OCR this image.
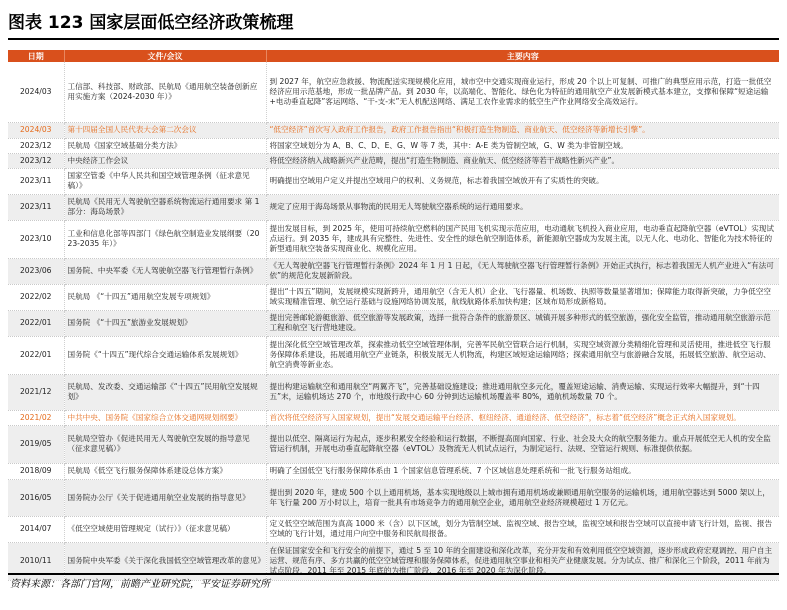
图表 123 国家层面低空经济政策梳理
日期	文件/会议	主要内容
2024/03	工信部、科技部、财政部、民航局《通用航空装备创新应用实施方案（2024-2030 年）》	到 2027 年，航空应急救援、物流配送实现规模化应用，城市空中交通实现商业运行，形成 20 个以上可复制、可推广的典型应用示范，打造一批低空经济应用示范基地，形成一批品牌产品。到 2030 年，以高端化、智能化、绿色化为特征的通用航空产业发展新模式基本建立，支撑和保障“短途运输+电动垂直起降”客运网络、“干-支-末”无人机配送网络、满足工农作业需求的低空生产作业网络安全高效运行。
2024/03	第十四届全国人民代表大会第二次会议	“低空经济”首次写入政府工作报告，政府工作报告指出“积极打造生物制造、商业航天、低空经济等新增长引擎”。
2023/12	民航局《国家空域基础分类方法》	将国家空域划分为 A、B、C、D、E、G、W 等 7 类，其中：A-E 类为管制空域，G、W 类为非管制空域。
2023/12	中央经济工作会议	将低空经济纳入战略新兴产业范畴，提出“打造生物制造、商业航天、低空经济等若干战略性新兴产业”。
2023/11	国家空管委《中华人民共和国空域管理条例（征求意见稿）》	明确提出空域用户定义并提出空域用户的权利、义务规范，标志着我国空域放开有了实质性的突破。
2023/11	民航局《民用无人驾驶航空器系统物流运行通用要求 第 1 部分：海岛场景》	规定了应用于海岛场景从事物流的民用无人驾驶航空器系统的运行通用要求。
2023/10	工业和信息化部等四部门《绿色航空制造业发展纲要（2023-2035 年）》	提出发展目标，到 2025 年，使用可持续航空燃料的国产民用飞机实现示范应用，电动通航飞机投入商业应用，电动垂直起降航空器（eVTOL）实现试点运行。到 2035 年，建成具有完整性、先进性、安全性的绿色航空制造体系，新能源航空器成为发展主流，以无人化、电动化、智能化为技术特征的新型通用航空装备实现商业化、规模化应用。
2023/06	国务院、中央军委《无人驾驶航空器飞行管理暂行条例》	《无人驾驶航空器飞行管理暂行条例》2024 年 1 月 1 日起，《无人驾驶航空器飞行管理暂行条例》开始正式执行，标志着我国无人机产业进入“有法可依”的规范化发展新阶段。
2022/02	民航局 《“十四五”通用航空发展专项规划》	提出“十四五”期间，发展规模实现新跨升，通用航空（含无人机）企业、飞行器量、机场数、执照等数量显著增加；保障能力取得新突破，力争低空空域实现精准管理、航空运行基础与设施网络协调发展，航线航路体系加快构建；区域布局形成新格局。
2022/01	国务院 《“十四五”旅游业发展规划》	提出完善邮轮游艇旅游、低空旅游等发展政策，选择一批符合条件的旅游景区、城镇开展多种形式的低空旅游，强化安全监管，推动通用航空旅游示范工程和航空飞行营地建设。
2022/01	国务院《“十四五”现代综合交通运输体系发展规划》	提出深化低空空域管理改革，探索推动低空空域管理体制，完善军民航空管联合运行机制，实现空域资源分类精细化管理和灵活使用，推进低空飞行服务保障体系建设，拓展通用航空产业链条，积极发展无人机物流，构建区域短途运输网络；探索通用航空与旅游融合发展，拓展低空旅游、航空运动、航空消费等新业态。
2021/12	民航局、发改委、交通运输部《“十四五”民用航空发展规划》	提出构建运输航空和通用航空“两翼齐飞”，完善基础设施建设；推进通用航空多元化，覆盖短途运输、消费运输、实现运行效率大幅提升，到“十四五”末，运输机场达 270 个，市地级行政中心 60 分钟到达运输机场覆盖率 80%，通航机场数量 70 个。
2021/02	中共中央、国务院《国家综合立体交通网规划纲要》	首次将低空经济写入国家规划，提出“发展交通运输平台经济、枢纽经济、通道经济、低空经济”，标志着“低空经济”概念正式纳入国家规划。
2019/05	民航局空管办《促进民用无人驾驶航空发展的指导意见（征求意见稿）》	提出以低空、隔离运行为起点，逐步积累安全经验和运行数据，不断提高面向国家、行业、社会及大众的航空服务能力。重点开展低空无人机的安全监管运行机制，开展电动垂直起降航空器（eVTOL）及物流无人机试点运行，为制定运行、法规、空管运行规则、标准提供依据。
2018/09	民航局《低空飞行服务保障体系建设总体方案》	明确了全国低空飞行服务保障体系由 1 个国家信息管理系统、7 个区域信息处理系统和一批飞行服务站组成。
2016/05	国务院办公厅《关于促进通用航空业发展的指导意见》	提出到 2020 年，建成 500 个以上通用机场，基本实现地级以上城市拥有通用机场或兼顾通用航空服务的运输机场，通用航空器达到 5000 架以上，年飞行量 200 万小时以上，培育一批具有市场竞争力的通用航空企业，通用航空业经济规模超过 1 万亿元。
2014/07	《低空空域使用管理规定（试行）》（征求意见稿）	定义低空空域范围为真高 1000 米（含）以下区域，划分为管制空域、监视空域、报告空域，监视空域和报告空域可以直接申请飞行计划，监视、报告空域的飞行计划，通过用户向空中服务和民航局报备。
2010/11	国务院中央军委《关于深化我国低空空域管理改革的意见》	在保证国家安全和飞行安全的前提下，通过 5 至 10 年的全面建设和深化改革，充分开发和有效利用低空空域资源，逐步形成政府宏观调控、用户自主运营、规范有序、多方共赢的低空空域管理和服务保障体系，促进通用航空事业和相关产业健康发展。分为试点、推广和深化三个阶段，2011 年前为试点阶段，2011 年至 2015 年底的为推广阶段，2016 年至 2020 年为深化阶段。
资料来源：各部门官网，前瞻产业研究院，平安证券研究所
